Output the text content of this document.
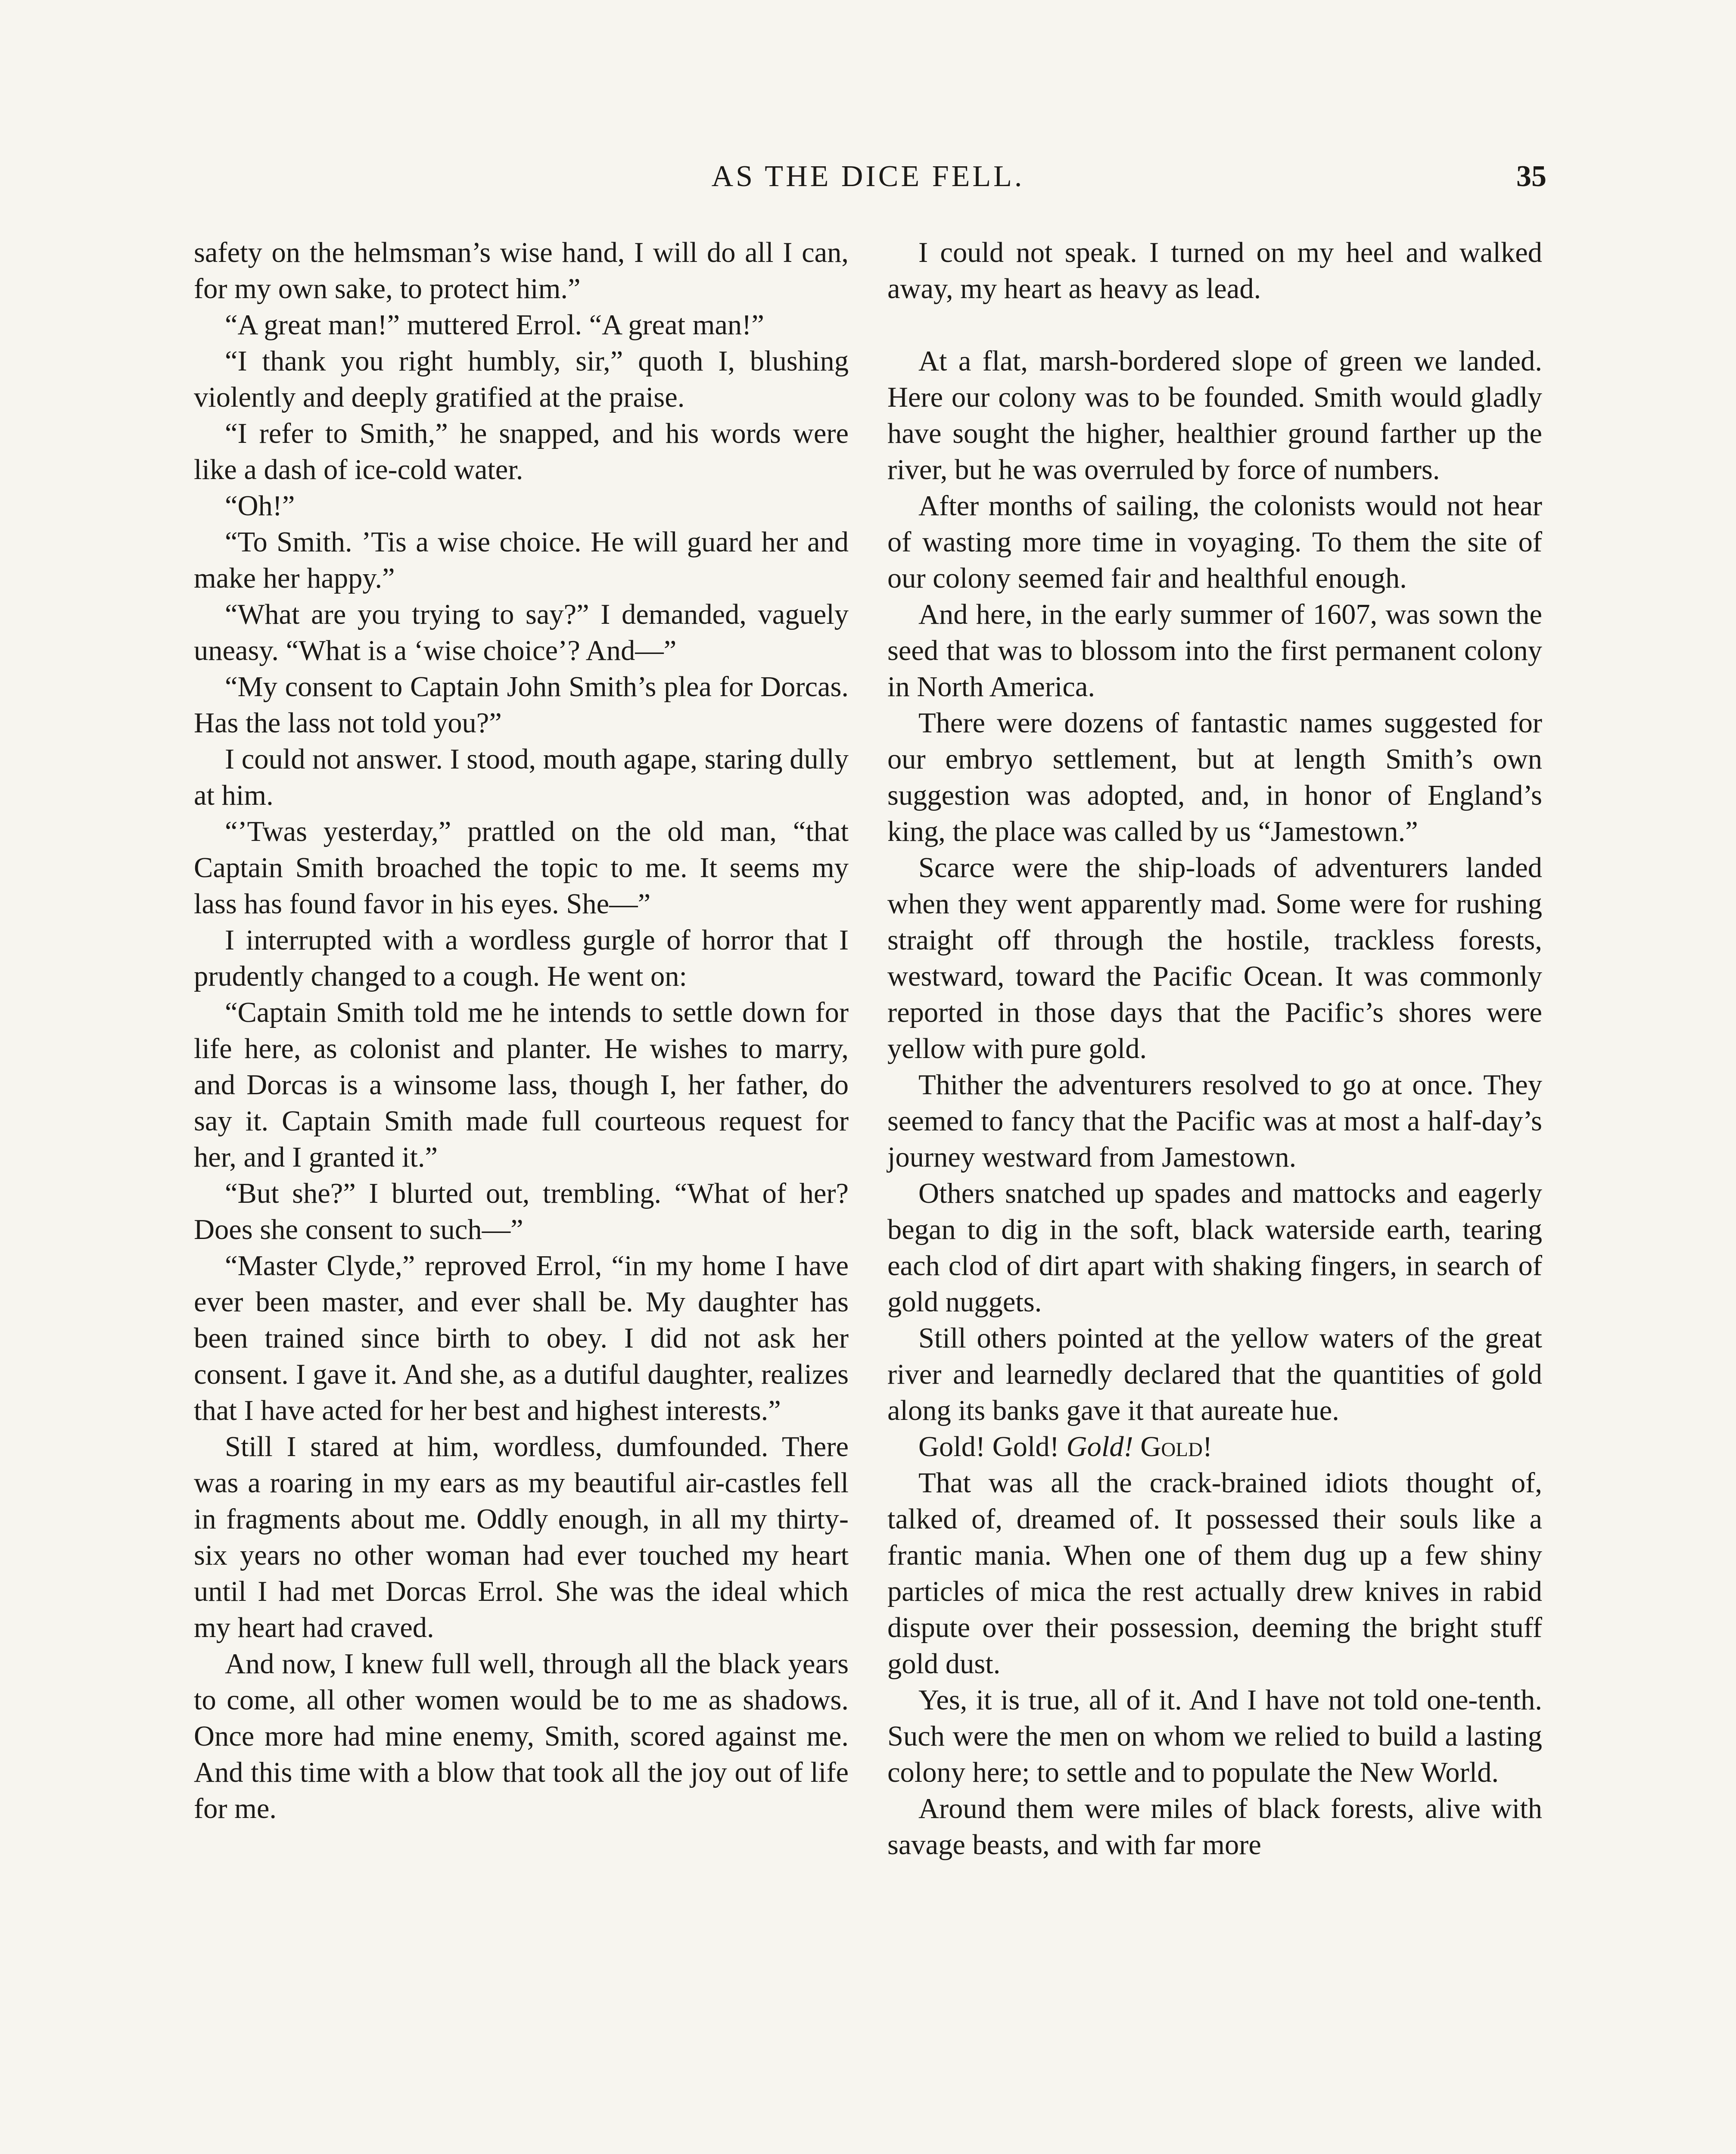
AS THE DICE FELL.	35

safety on the helmsman’s wise hand, I will do all I can, for my own sake, to protect him.”

“A great man!” muttered Errol. “A great man!”

“I thank you right humbly, sir,” quoth I, blushing violently and deeply gratified at the praise.

“I refer to Smith,” he snapped, and his words were like a dash of ice-cold water.

“Oh!”

“To Smith. ’Tis a wise choice. He will guard her and make her happy.”

“What are you trying to say?” I demanded, vaguely uneasy. “What is a ‘wise choice’? And—”

“My consent to Captain John Smith’s plea for Dorcas. Has the lass not told you?”

I could not answer. I stood, mouth agape, staring dully at him.

“’Twas yesterday,” prattled on the old man, “that Captain Smith broached the topic to me. It seems my lass has found favor in his eyes. She—”

I interrupted with a wordless gurgle of horror that I prudently changed to a cough. He went on:

“Captain Smith told me he intends to settle down for life here, as colonist and planter. He wishes to marry, and Dorcas is a winsome lass, though I, her father, do say it. Captain Smith made full courteous request for her, and I granted it.”

“But she?” I blurted out, trembling. “What of her? Does she consent to such—”

“Master Clyde,” reproved Errol, “in my home I have ever been master, and ever shall be. My daughter has been trained since birth to obey. I did not ask her consent. I gave it. And she, as a dutiful daughter, realizes that I have acted for her best and highest interests.”

Still I stared at him, wordless, dumfounded. There was a roaring in my ears as my beautiful air-castles fell in fragments about me. Oddly enough, in all my thirty-six years no other woman had ever touched my heart until I had met Dorcas Errol. She was the ideal which my heart had craved.

And now, I knew full well, through all the black years to come, all other women would be to me as shadows. Once more had mine enemy, Smith, scored against me. And this time with a blow that took all the joy out of life for me.

I could not speak. I turned on my heel and walked away, my heart as heavy as lead.

At a flat, marsh-bordered slope of green we landed. Here our colony was to be founded. Smith would gladly have sought the higher, healthier ground farther up the river, but he was overruled by force of numbers.

After months of sailing, the colonists would not hear of wasting more time in voyaging. To them the site of our colony seemed fair and healthful enough.

And here, in the early summer of 1607, was sown the seed that was to blossom into the first permanent colony in North America.

There were dozens of fantastic names suggested for our embryo settlement, but at length Smith’s own suggestion was adopted, and, in honor of England’s king, the place was called by us “Jamestown.”

Scarce were the ship-loads of adventurers landed when they went apparently mad. Some were for rushing straight off through the hostile, trackless forests, westward, toward the Pacific Ocean. It was commonly reported in those days that the Pacific’s shores were yellow with pure gold.

Thither the adventurers resolved to go at once. They seemed to fancy that the Pacific was at most a half-day’s journey westward from Jamestown.

Others snatched up spades and mattocks and eagerly began to dig in the soft, black waterside earth, tearing each clod of dirt apart with shaking fingers, in search of gold nuggets.

Still others pointed at the yellow waters of the great river and learnedly declared that the quantities of gold along its banks gave it that aureate hue.

Gold! Gold! Gold! Gold!

That was all the crack-brained idiots thought of, talked of, dreamed of. It possessed their souls like a frantic mania. When one of them dug up a few shiny particles of mica the rest actually drew knives in rabid dispute over their possession, deeming the bright stuff gold dust.

Yes, it is true, all of it. And I have not told one-tenth. Such were the men on whom we relied to build a lasting colony here; to settle and to populate the New World.

Around them were miles of black forests, alive with savage beasts, and with far more
